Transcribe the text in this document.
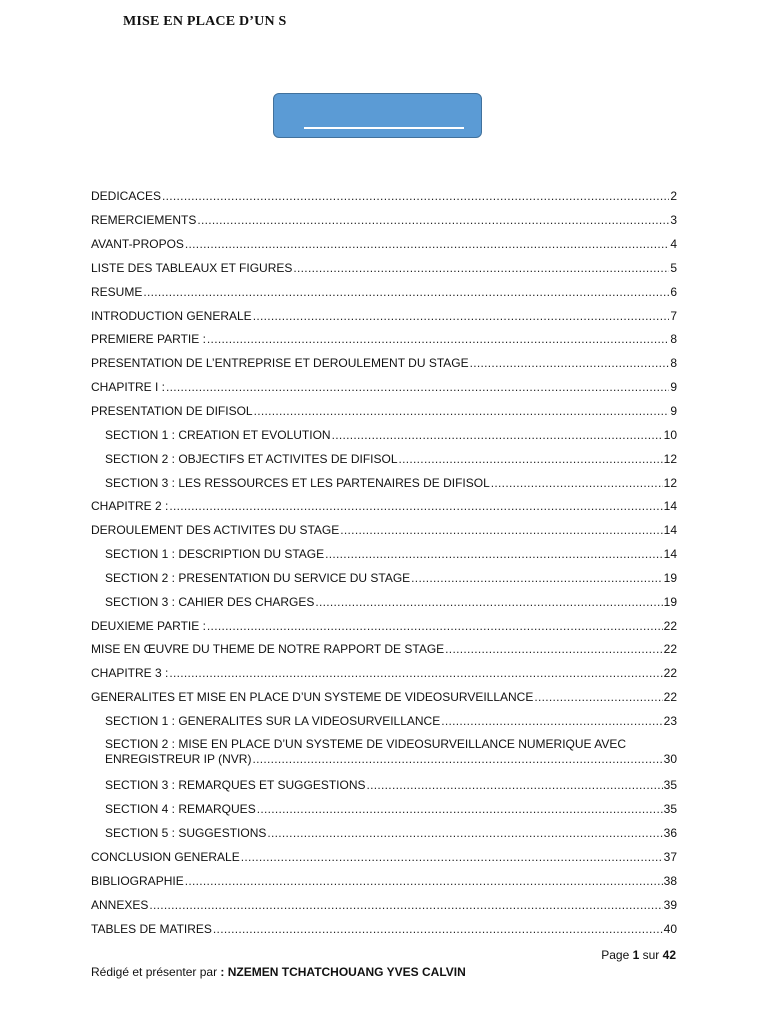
MISE EN PLACE D’UN S
DEDICACES .....	2
REMERCIEMENTS .....	3
AVANT-PROPOS .....	4
LISTE DES TABLEAUX ET FIGURES .....	5
RESUME .....	6
INTRODUCTION GENERALE .....	7
PREMIERE PARTIE : .....	8
PRESENTATION DE L’ENTREPRISE ET DEROULEMENT DU STAGE .....	8
CHAPITRE I : .....	9
PRESENTATION DE DIFISOL .....	9
SECTION 1 : CREATION ET EVOLUTION .....	10
SECTION 2 : OBJECTIFS ET ACTIVITES DE DIFISOL .....	12
SECTION 3 : LES RESSOURCES ET LES PARTENAIRES DE DIFISOL .....	12
CHAPITRE 2 : .....	14
DEROULEMENT DES ACTIVITES DU STAGE .....	14
SECTION 1 : DESCRIPTION DU STAGE .....	14
SECTION 2 : PRESENTATION DU SERVICE DU STAGE .....	19
SECTION 3 : CAHIER DES CHARGES .....	19
DEUXIEME PARTIE : .....	22
MISE EN ŒUVRE DU THEME DE NOTRE RAPPORT DE STAGE .....	22
CHAPITRE 3 : .....	22
GENERALITES ET MISE EN PLACE D’UN SYSTEME DE VIDEOSURVEILLANCE .....	22
SECTION 1 : GENERALITES SUR LA VIDEOSURVEILLANCE .....	23
SECTION 2 : MISE EN PLACE D’UN SYSTEME DE VIDEOSURVEILLANCE NUMERIQUE AVEC
ENREGISTREUR IP (NVR) .....	30
SECTION 3 : REMARQUES ET SUGGESTIONS .....	35
SECTION 4 : REMARQUES .....	35
SECTION 5 : SUGGESTIONS .....	36
CONCLUSION GENERALE .....	37
BIBLIOGRAPHIE .....	38
ANNEXES .....	39
TABLES DE MATIRES .....	40
Page 1 sur 42
Rédigé et présenter par : NZEMEN TCHATCHOUANG YVES CALVIN
